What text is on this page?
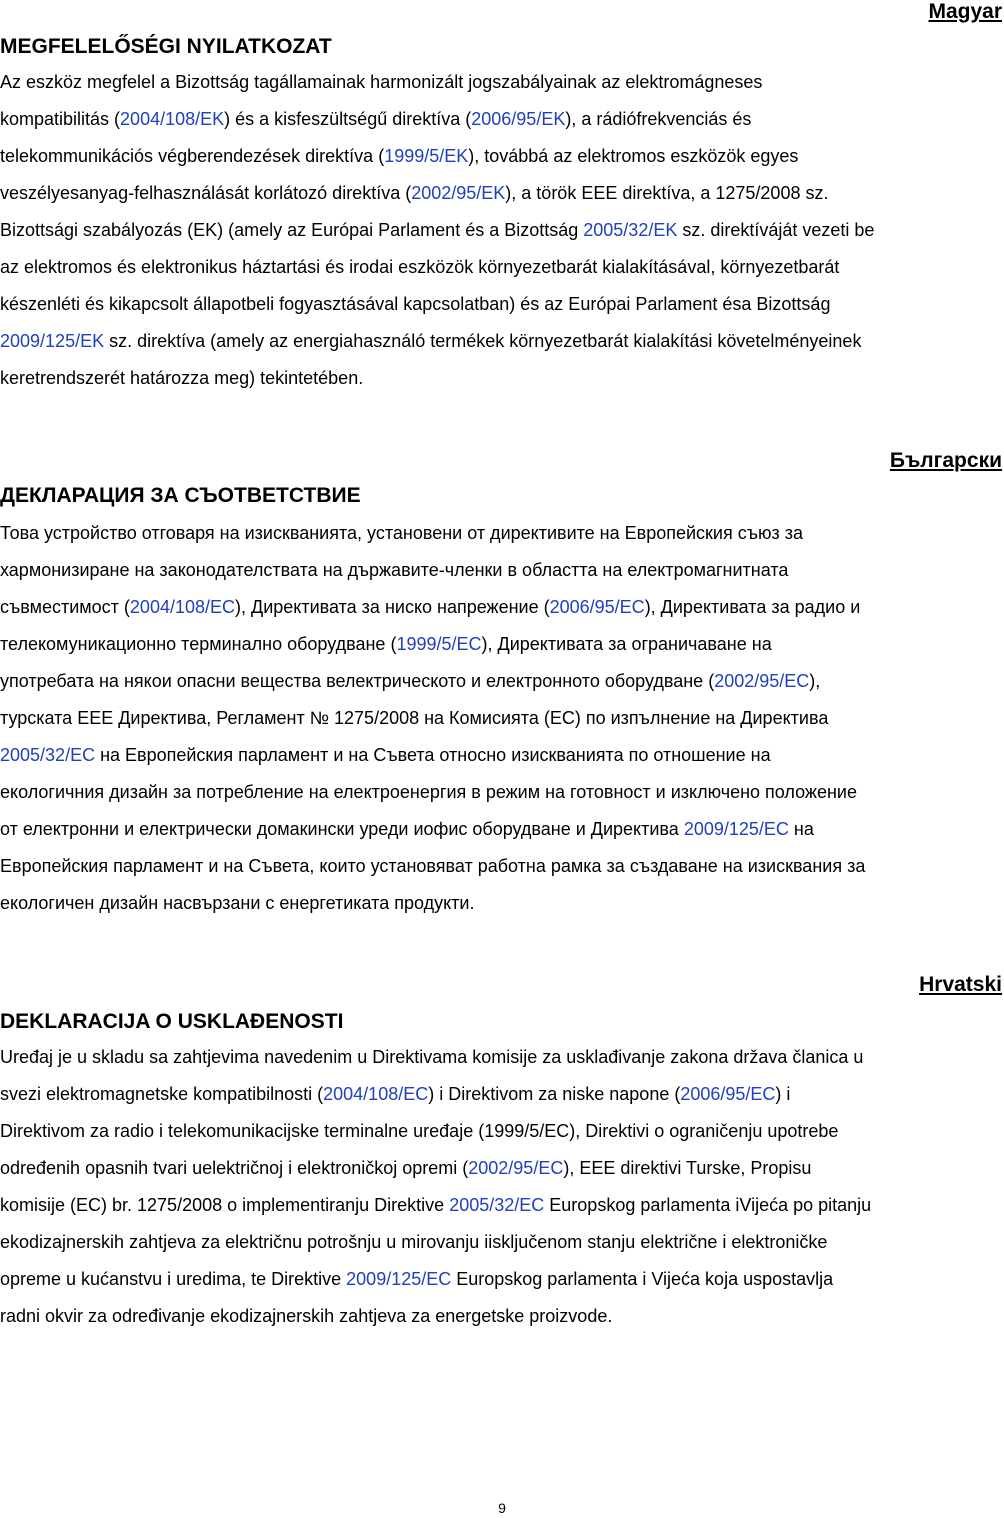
Magyar
MEGFELELŐSÉGI NYILATKOZAT
Az eszköz megfelel a Bizottság tagállamainak harmonizált jogszabályainak az elektromágneses
kompatibilitás (2004/108/EK) és a kisfeszültségű direktíva (2006/95/EK), a rádiófrekvenciás és
telekommunikációs végberendezések direktíva (1999/5/EK), továbbá az elektromos eszközök egyes
veszélyesanyag-felhasználását korlátozó direktíva (2002/95/EK), a török EEE direktíva, a 1275/2008 sz.
Bizottsági szabályozás (EK) (amely az Európai Parlament és a Bizottság 2005/32/EK sz. direktíváját vezeti be
az elektromos és elektronikus háztartási és irodai eszközök környezetbarát kialakításával, környezetbarát
készenléti és kikapcsolt állapotbeli fogyasztásával kapcsolatban) és az Európai Parlament ésa Bizottság
2009/125/EK sz. direktíva (amely az energiahasználó termékek környezetbarát kialakítási követelményeinek
keretrendszerét határozza meg) tekintetében.
Български
ДЕКЛАРАЦИЯ ЗА СЪОТВЕТСТВИЕ
Това устройство отговаря на изискванията, установени от директивите на Европейския съюз за
хармонизиране на законодателствата на държавите-членки в областта на електромагнитната
съвместимост (2004/108/EC), Директивата за ниско напрежение (2006/95/EC), Директивата за радио и
телекомуникационно терминално оборудване (1999/5/EC), Директивата за ограничаване на
употребата на някои опасни вещества велектрическото и електронното оборудване (2002/95/EC),
турската ЕЕЕ Директива, Регламент № 1275/2008 на Комисията (ЕС) по изпълнение на Директива
2005/32/EC на Европейския парламент и на Съвета относно изискванията по отношение на
екологичния дизайн за потребление на електроенергия в режим на готовност и изключено положение
от електронни и електрически домакински уреди иофис оборудване и Директива 2009/125/EC на
Европейския парламент и на Съвета, които установяват работна рамка за създаване на изисквания за
екологичен дизайн насвързани с енергетиката продукти.
Hrvatski
DEKLARACIJA O USKLAĐENOSTI
Uređaj je u skladu sa zahtjevima navedenim u Direktivama komisije za usklađivanje zakona država članica u
svezi elektromagnetske kompatibilnosti (2004/108/EC) i Direktivom za niske napone (2006/95/EC) i
Direktivom za radio i telekomunikacijske terminalne uređaje (1999/5/EC), Direktivi o ograničenju upotrebe
određenih opasnih tvari uelektričnoj i elektroničkoj opremi (2002/95/EC), EEE direktivi Turske, Propisu
komisije (EC) br. 1275/2008 o implementiranju Direktive 2005/32/EC Europskog parlamenta iVijeća po pitanju
ekodizajnerskih zahtjeva za električnu potrošnju u mirovanju iisključenom stanju električne i elektroničke
opreme u kućanstvu i uredima, te Direktive 2009/125/EC Europskog parlamenta i Vijeća koja uspostavlja
radni okvir za određivanje ekodizajnerskih zahtjeva za energetske proizvode.
9
